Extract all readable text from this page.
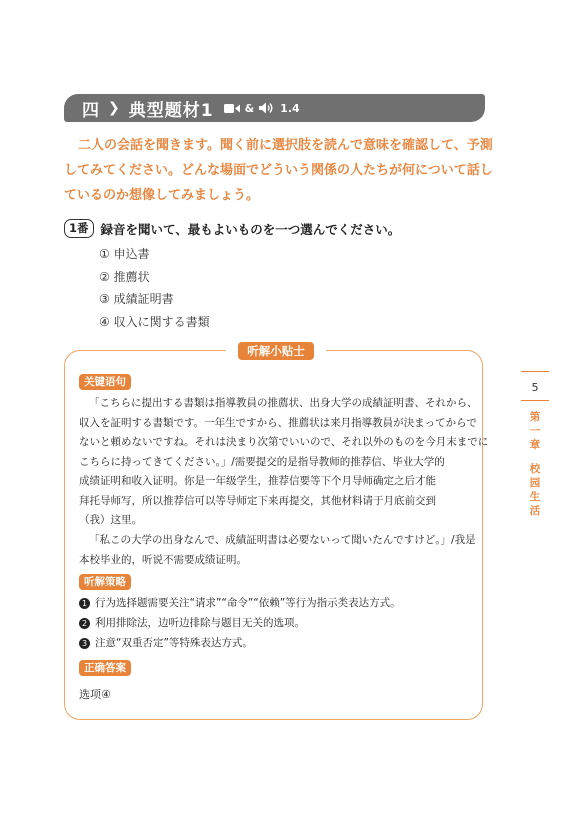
四 ❯ 典型题材1	& 1.4

二人の会話を聞きます。聞く前に選択肢を読んで意味を確認して、予測してみてください。どんな場面でどういう関係の人たちが何について話しているのか想像してみましょう。

1番 録音を聞いて、最もよいものを一つ選んでください。
① 申込書
② 推薦状
③ 成績証明書
④ 収入に関する書類
听解小贴士
关键语句
「こちらに提出する書類は指導教員の推薦状、出身大学の成績証明書、それから、
収入を証明する書類です。一年生ですから、推薦状は来月指導教員が決まってからで
ないと頼めないですね。それは決まり次第でいいので、それ以外のものを今月末までに
こちらに持ってきてください。」/需要提交的是指导教师的推荐信、毕业大学的
成绩证明和收入证明。你是一年级学生，推荐信要等下个月导师确定之后才能
拜托导师写，所以推荐信可以等导师定下来再提交，其他材料请于月底前交到
（我）这里。
「私この大学の出身なんで、成績証明書は必要ないって聞いたんですけど。」/我是
本校毕业的，听说不需要成绩证明。
听解策略
1 行为选择题需要关注“请求”“命令”“依赖”等行为指示类表达方式。
2 利用排除法，边听边排除与题目无关的选项。
3 注意“双重否定”等特殊表达方式。
正确答案
选项④
5
第一章
校园生活
